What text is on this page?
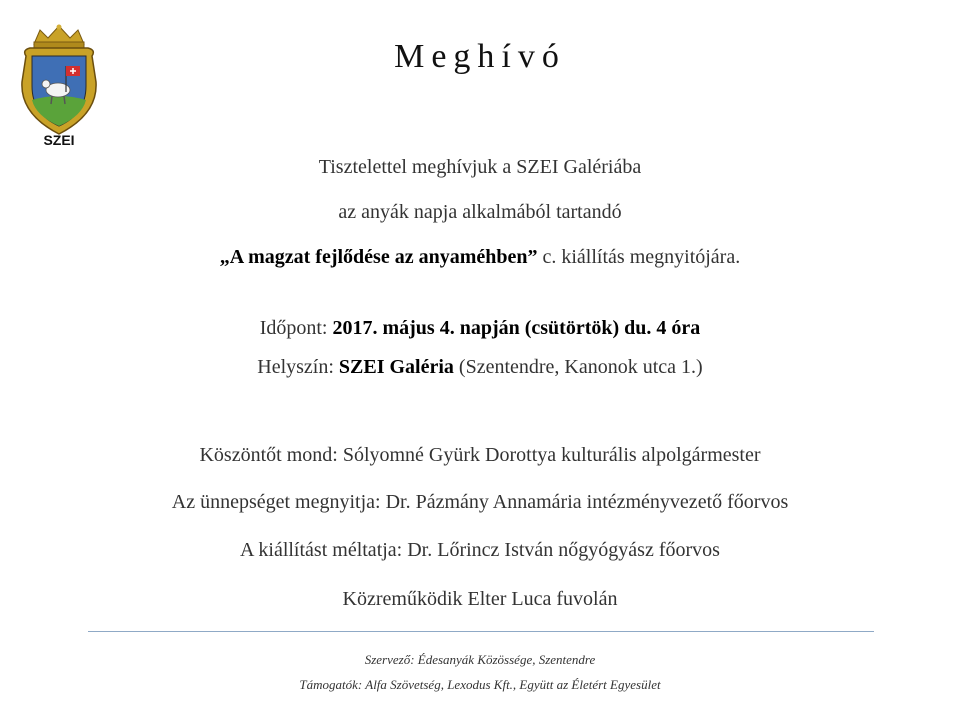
SZEI
Meghívó
Tisztelettel meghívjuk a SZEI Galériába
az anyák napja alkalmából tartandó
„A magzat fejlődése az anyaméhben” c. kiállítás megnyitójára.
Időpont: 2017. május 4. napján (csütörtök) du. 4 óra
Helyszín: SZEI Galéria (Szentendre, Kanonok utca 1.)
Köszöntőt mond: Sólyomné Gyürk Dorottya kulturális alpolgármester
Az ünnepséget megnyitja: Dr. Pázmány Annamária intézményvezető főorvos
A kiállítást méltatja: Dr. Lőrincz István nőgyógyász főorvos
Közreműködik Elter Luca fuvolán
Szervező: Édesanyák Közössége, Szentendre
Támogatók: Alfa Szövetség, Lexodus Kft., Együtt az Életért Egyesület
